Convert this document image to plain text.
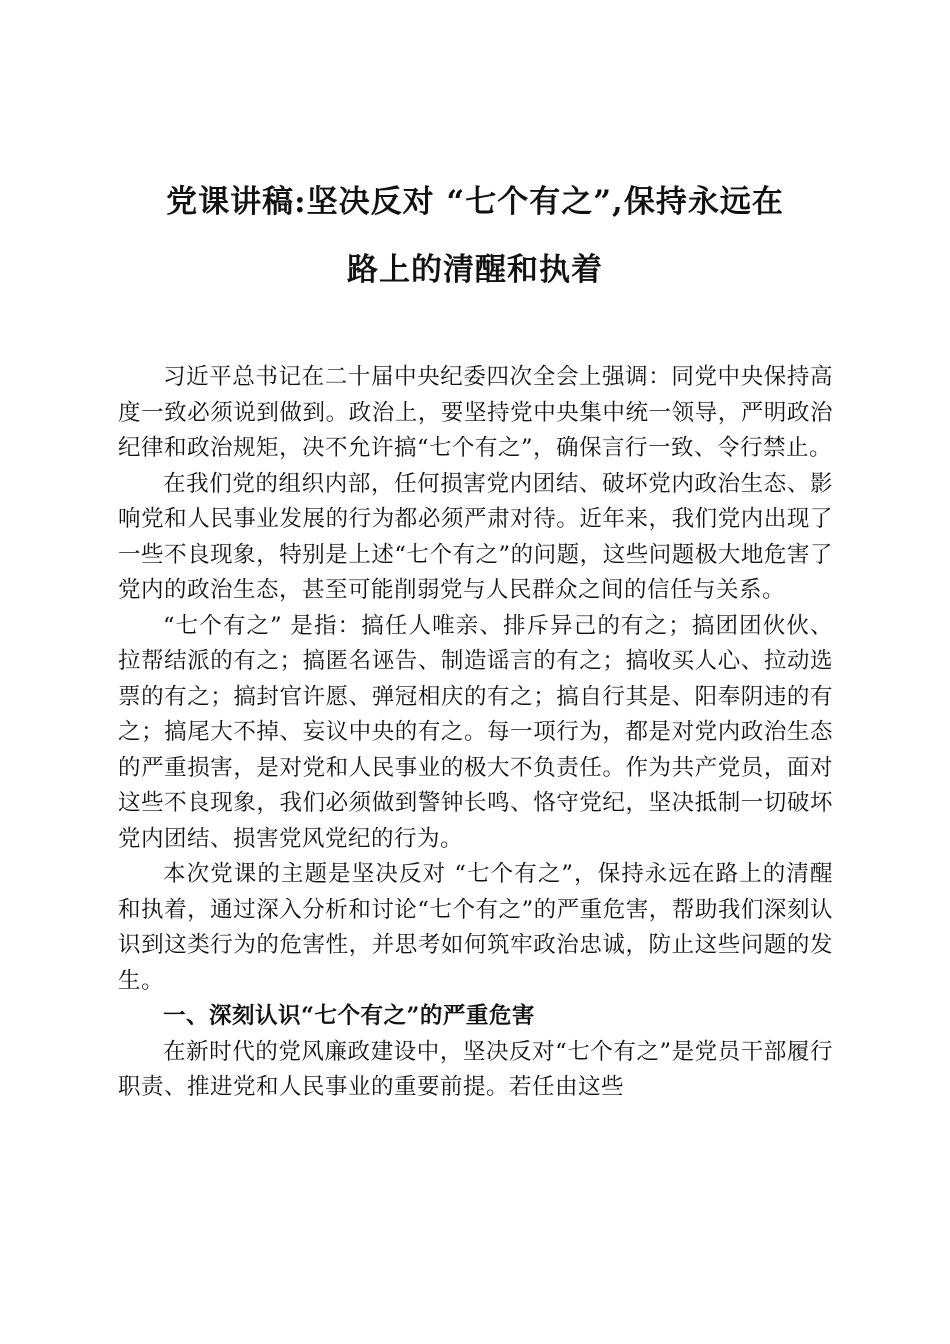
党课讲稿:坚决反对 “七个有之”,保持永远在
路上的清醒和执着

习近平总书记在二十届中央纪委四次全会上强调：同党中央保持高度一致必须说到做到。政治上，要坚持党中央集中统一领导，严明政治纪律和政治规矩，决不允许搞“七个有之”，确保言行一致、令行禁止。

在我们党的组织内部，任何损害党内团结、破坏党内政治生态、影响党和人民事业发展的行为都必须严肃对待。近年来，我们党内出现了一些不良现象，特别是上述“七个有之”的问题，这些问题极大地危害了党内的政治生态，甚至可能削弱党与人民群众之间的信任与关系。

“七个有之” 是指：搞任人唯亲、排斥异己的有之；搞团团伙伙、拉帮结派的有之；搞匿名诬告、制造谣言的有之；搞收买人心、拉动选票的有之；搞封官许愿、弹冠相庆的有之；搞自行其是、阳奉阴违的有之；搞尾大不掉、妄议中央的有之。每一项行为，都是对党内政治生态的严重损害，是对党和人民事业的极大不负责任。作为共产党员，面对这些不良现象，我们必须做到警钟长鸣、恪守党纪，坚决抵制一切破坏党内团结、损害党风党纪的行为。

本次党课的主题是坚决反对 “七个有之”，保持永远在路上的清醒和执着，通过深入分析和讨论“七个有之”的严重危害，帮助我们深刻认识到这类行为的危害性，并思考如何筑牢政治忠诚，防止这些问题的发生。

一、深刻认识“七个有之”的严重危害

在新时代的党风廉政建设中，坚决反对“七个有之”是党员干部履行职责、推进党和人民事业的重要前提。若任由这些
